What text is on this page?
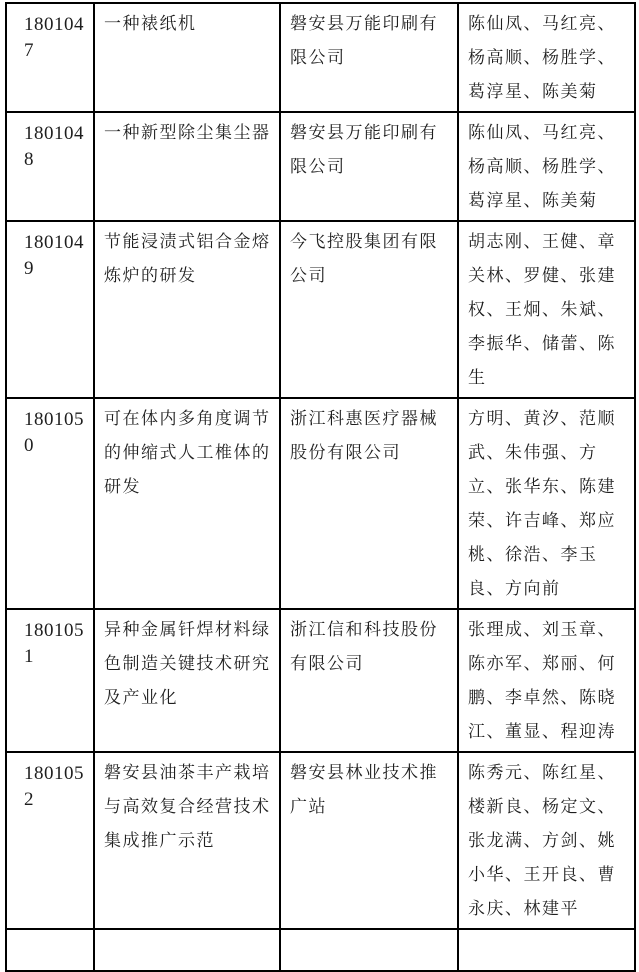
1801047	一种裱纸机	磐安县万能印刷有限公司	陈仙凤、马红亮、杨高顺、杨胜学、葛淳星、陈美菊
1801048	一种新型除尘集尘器	磐安县万能印刷有限公司	陈仙凤、马红亮、杨高顺、杨胜学、葛淳星、陈美菊
1801049	节能浸渍式铝合金熔炼炉的研发	今飞控股集团有限公司	胡志刚、王健、章关林、罗健、张建权、王炯、朱斌、李振华、储蕾、陈生
1801050	可在体内多角度调节的伸缩式人工椎体的研发	浙江科惠医疗器械股份有限公司	方明、黄汐、范顺武、朱伟强、方立、张华东、陈建荣、许吉峰、郑应桃、徐浩、李玉良、方向前
1801051	异种金属钎焊材料绿色制造关键技术研究及产业化	浙江信和科技股份有限公司	张理成、刘玉章、陈亦军、郑丽、何鹏、李卓然、陈晓江、董显、程迎涛
1801052	磐安县油茶丰产栽培与高效复合经营技术集成推广示范	磐安县林业技术推广站	陈秀元、陈红星、楼新良、杨定文、张龙满、方剑、姚小华、王开良、曹永庆、林建平
